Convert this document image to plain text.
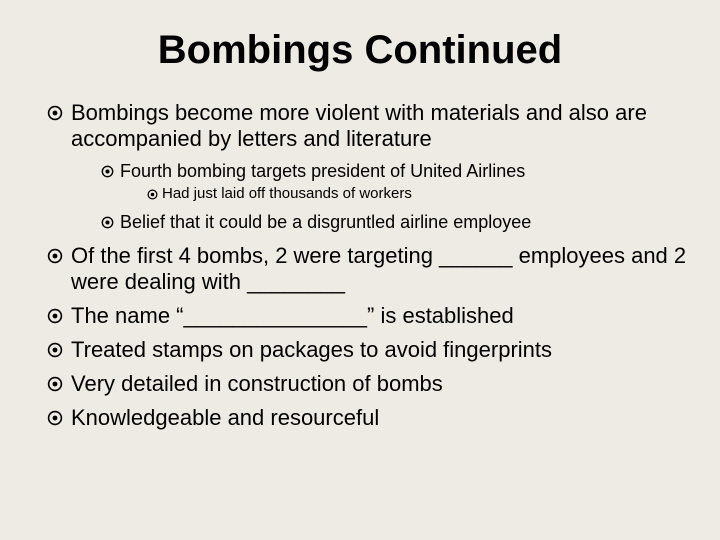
Bombings Continued
Bombings become more violent with materials and also are accompanied by letters and literature
Fourth bombing targets president of United Airlines
Had just laid off thousands of workers
Belief that it could be a disgruntled airline employee
Of the first 4 bombs, 2 were targeting ______ employees and 2 were dealing with ________
The name “_______________” is established
Treated stamps on packages to avoid fingerprints
Very detailed in construction of bombs
Knowledgeable and resourceful
